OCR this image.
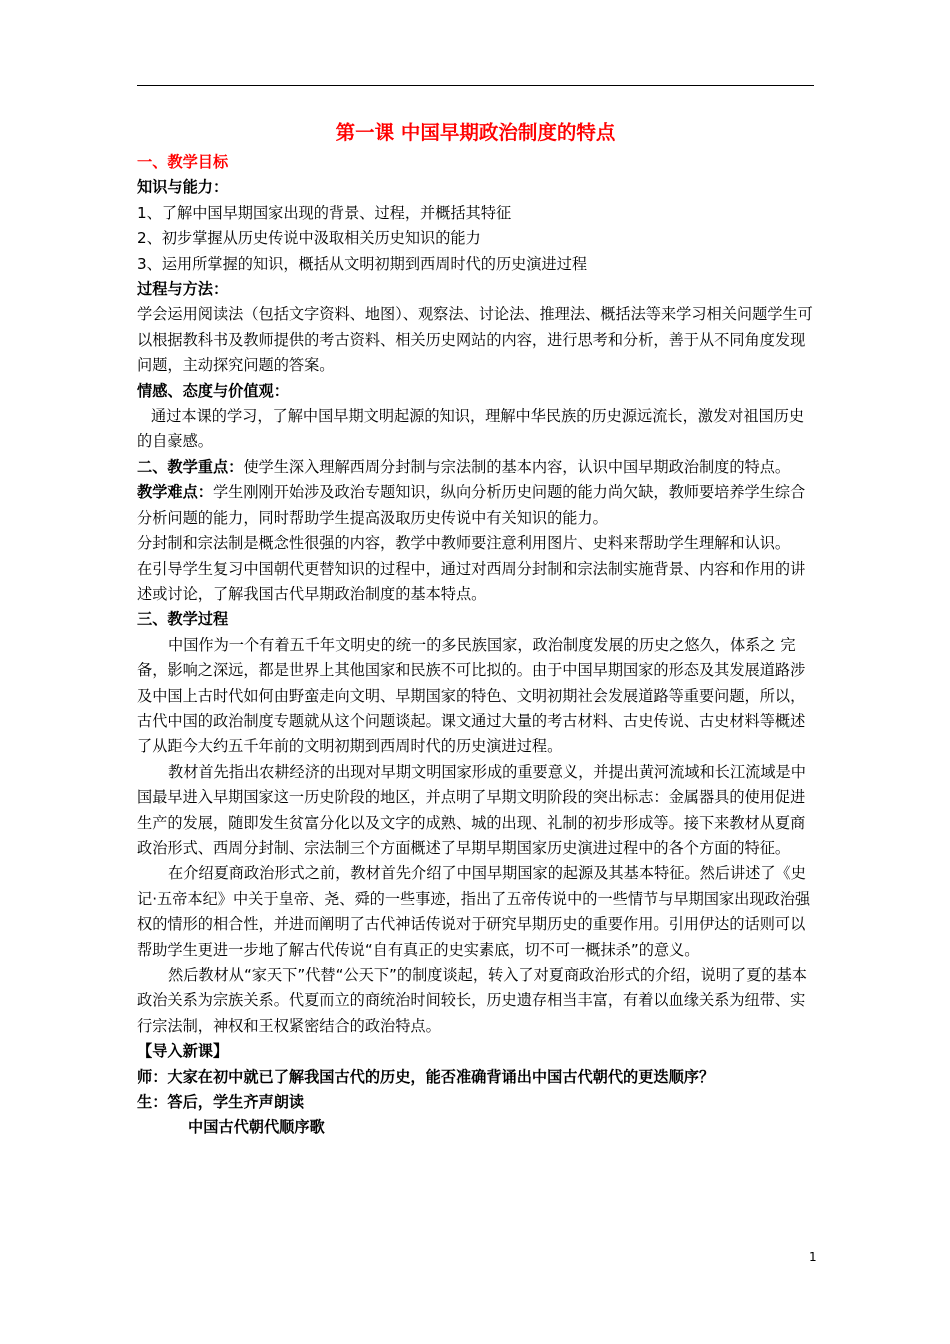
第一课 中国早期政治制度的特点

一、教学目标

知识与能力：

1、了解中国早期国家出现的背景、过程，并概括其特征

2、初步掌握从历史传说中汲取相关历史知识的能力

3、运用所掌握的知识，概括从文明初期到西周时代的历史演进过程

过程与方法：

学会运用阅读法（包括文字资料、地图）、观察法、讨论法、推理法、概括法等来学习相关问题学生可以根据教科书及教师提供的考古资料、相关历史网站的内容，进行思考和分析，善于从不同角度发现问题，主动探究问题的答案。

情感、态度与价值观：

通过本课的学习，了解中国早期文明起源的知识，理解中华民族的历史源远流长，激发对祖国历史的自豪感。

二、教学重点：使学生深入理解西周分封制与宗法制的基本内容，认识中国早期政治制度的特点。

教学难点：学生刚刚开始涉及政治专题知识，纵向分析历史问题的能力尚欠缺，教师要培养学生综合分析问题的能力，同时帮助学生提高汲取历史传说中有关知识的能力。

分封制和宗法制是概念性很强的内容，教学中教师要注意利用图片、史料来帮助学生理解和认识。

在引导学生复习中国朝代更替知识的过程中，通过对西周分封制和宗法制实施背景、内容和作用的讲述或讨论，了解我国古代早期政治制度的基本特点。

三、教学过程

中国作为一个有着五千年文明史的统一的多民族国家，政治制度发展的历史之悠久，体系之 完备，影响之深远，都是世界上其他国家和民族不可比拟的。由于中国早期国家的形态及其发展道路涉及中国上古时代如何由野蛮走向文明、早期国家的特色、文明初期社会发展道路等重要问题，所以，古代中国的政治制度专题就从这个问题谈起。课文通过大量的考古材料、古史传说、古史材料等概述了从距今大约五千年前的文明初期到西周时代的历史演进过程。

教材首先指出农耕经济的出现对早期文明国家形成的重要意义，并提出黄河流域和长江流域是中国最早进入早期国家这一历史阶段的地区，并点明了早期文明阶段的突出标志：金属器具的使用促进生产的发展，随即发生贫富分化以及文字的成熟、城的出现、礼制的初步形成等。接下来教材从夏商政治形式、西周分封制、宗法制三个方面概述了早期早期国家历史演进过程中的各个方面的特征。

在介绍夏商政治形式之前，教材首先介绍了中国早期国家的起源及其基本特征。然后讲述了《史记·五帝本纪》中关于皇帝、尧、舜的一些事迹，指出了五帝传说中的一些情节与早期国家出现政治强权的情形的相合性，并进而阐明了古代神话传说对于研究早期历史的重要作用。引用伊达的话则可以帮助学生更进一步地了解古代传说“自有真正的史实素底，切不可一概抹杀”的意义。

然后教材从“家天下”代替“公天下”的制度谈起，转入了对夏商政治形式的介绍，说明了夏的基本政治关系为宗族关系。代夏而立的商统治时间较长，历史遗存相当丰富，有着以血缘关系为纽带、实行宗法制，神权和王权紧密结合的政治特点。

【导入新课】

师：大家在初中就已了解我国古代的历史，能否准确背诵出中国古代朝代的更迭顺序？

生：答后，学生齐声朗读

中国古代朝代顺序歌

1
